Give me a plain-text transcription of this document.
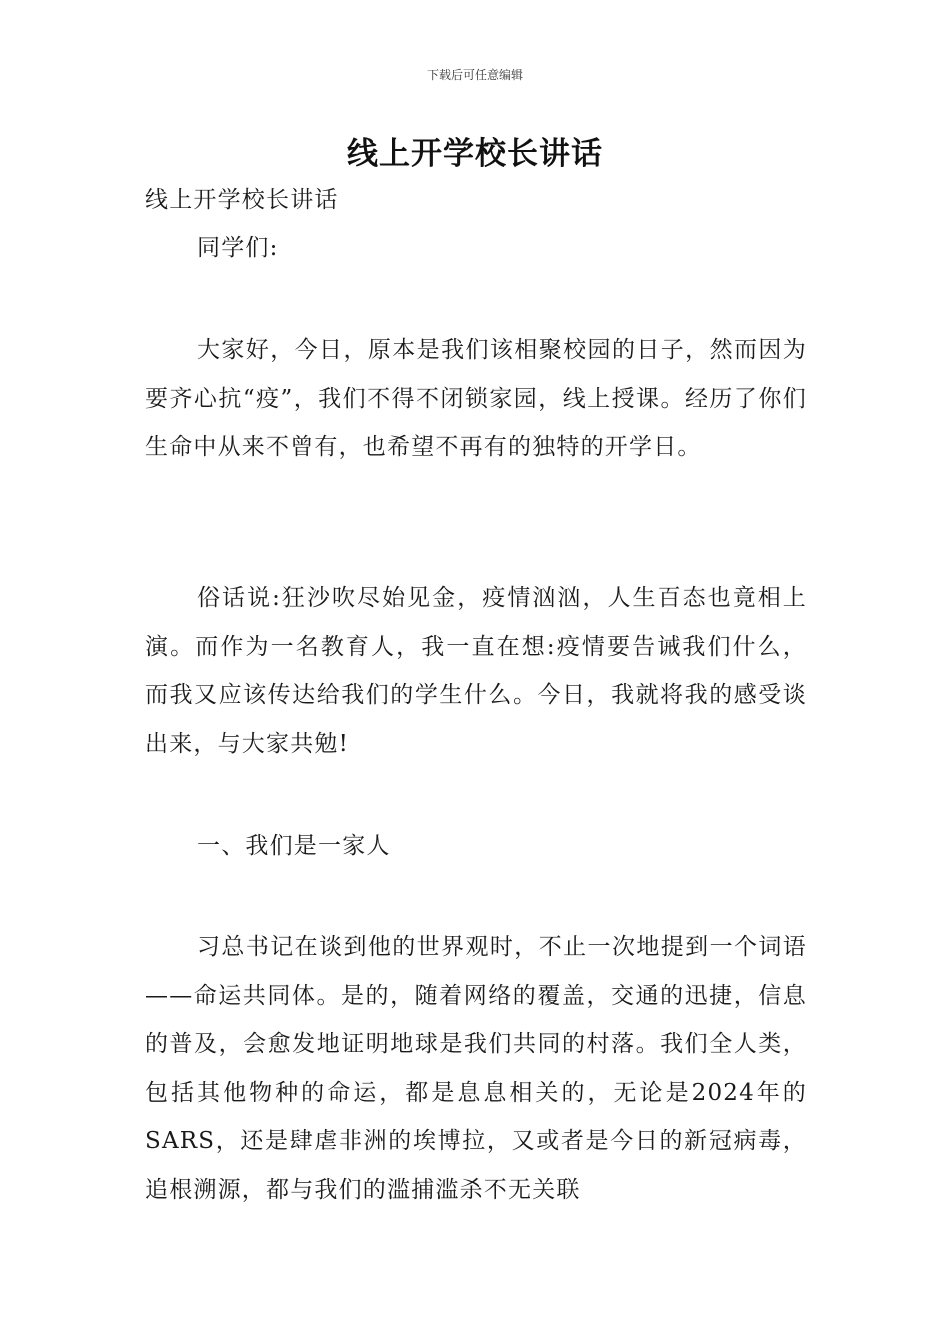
下载后可任意编辑
线上开学校长讲话

线上开学校长讲话

同学们:

大家好，今日，原本是我们该相聚校园的日子，然而因为要齐心抗“疫”，我们不得不闭锁家园，线上授课。经历了你们生命中从来不曾有，也希望不再有的独特的开学日。

俗话说:狂沙吹尽始见金，疫情汹汹，人生百态也竟相上演。而作为一名教育人，我一直在想:疫情要告诫我们什么，而我又应该传达给我们的学生什么。今日，我就将我的感受谈出来，与大家共勉!

一、我们是一家人

习总书记在谈到他的世界观时，不止一次地提到一个词语——命运共同体。是的，随着网络的覆盖，交通的迅捷，信息的普及，会愈发地证明地球是我们共同的村落。我们全人类，包括其他物种的命运，都是息息相关的，无论是2024年的SARS，还是肆虐非洲的埃博拉，又或者是今日的新冠病毒，追根溯源，都与我们的滥捕滥杀不无关联
